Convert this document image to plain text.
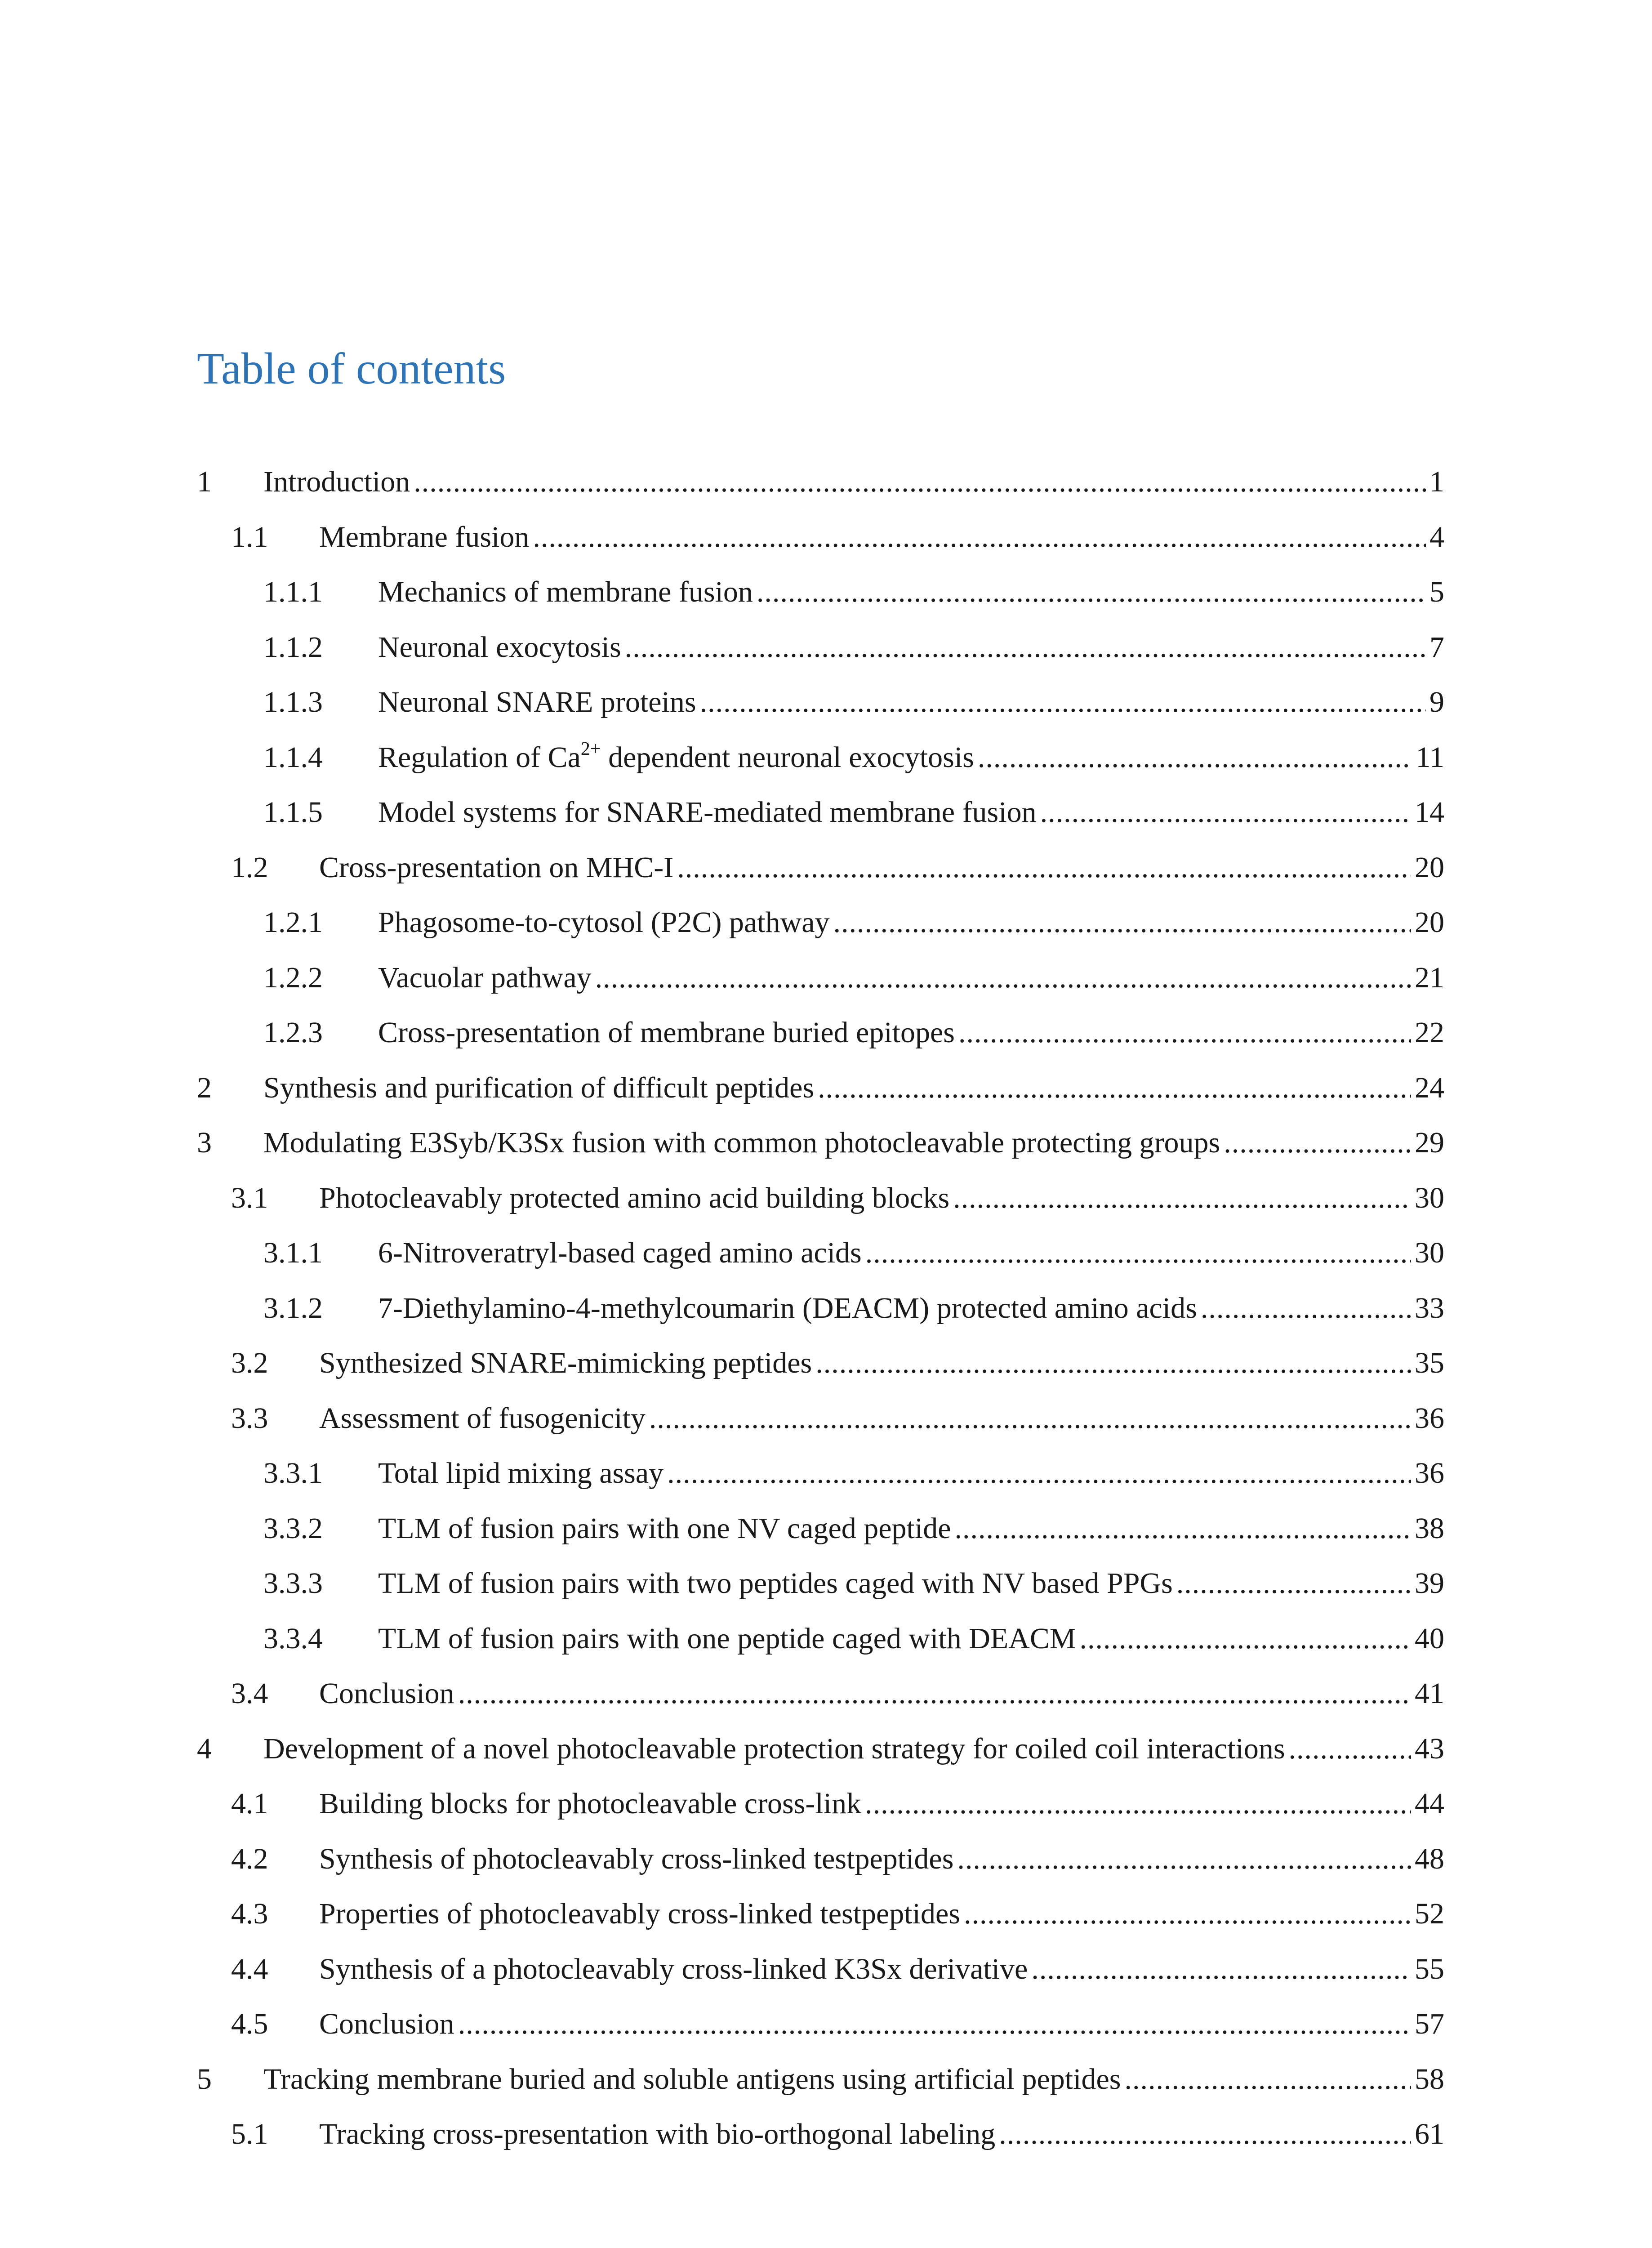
Table of contents
1 Introduction .....	1
1.1 Membrane fusion .....	4
1.1.1 Mechanics of membrane fusion .....	5
1.1.2 Neuronal exocytosis .....	7
1.1.3 Neuronal SNARE proteins .....	9
1.1.4 Regulation of $Ca^{2+}$ dependent neuronal exocytosis .....	11
1.1.5 Model systems for SNARE-mediated membrane fusion .....	14
1.2 Cross-presentation on MHC-I .....	20
1.2.1 Phagosome-to-cytosol (P2C) pathway .....	20
1.2.2 Vacuolar pathway .....	21
1.2.3 Cross-presentation of membrane buried epitopes .....	22
2 Synthesis and purification of difficult peptides .....	24
3 Modulating E3Syb/K3Sx fusion with common photocleavable protecting groups .....	29
3.1 Photocleavably protected amino acid building blocks .....	30
3.1.1 6-Nitroveratryl-based caged amino acids .....	30
3.1.2 7-Diethylamino-4-methylcoumarin (DEACM) protected amino acids .....	33
3.2 Synthesized SNARE-mimicking peptides .....	35
3.3 Assessment of fusogenicity .....	36
3.3.1 Total lipid mixing assay .....	36
3.3.2 TLM of fusion pairs with one NV caged peptide .....	38
3.3.3 TLM of fusion pairs with two peptides caged with NV based PPGs .....	39
3.3.4 TLM of fusion pairs with one peptide caged with DEACM .....	40
3.4 Conclusion .....	41
4 Development of a novel photocleavable protection strategy for coiled coil interactions .....	43
4.1 Building blocks for photocleavable cross-link .....	44
4.2 Synthesis of photocleavably cross-linked testpeptides .....	48
4.3 Properties of photocleavably cross-linked testpeptides .....	52
4.4 Synthesis of a photocleavably cross-linked K3Sx derivative .....	55
4.5 Conclusion .....	57
5 Tracking membrane buried and soluble antigens using artificial peptides .....	58
5.1 Tracking cross-presentation with bio-orthogonal labeling .....	61
